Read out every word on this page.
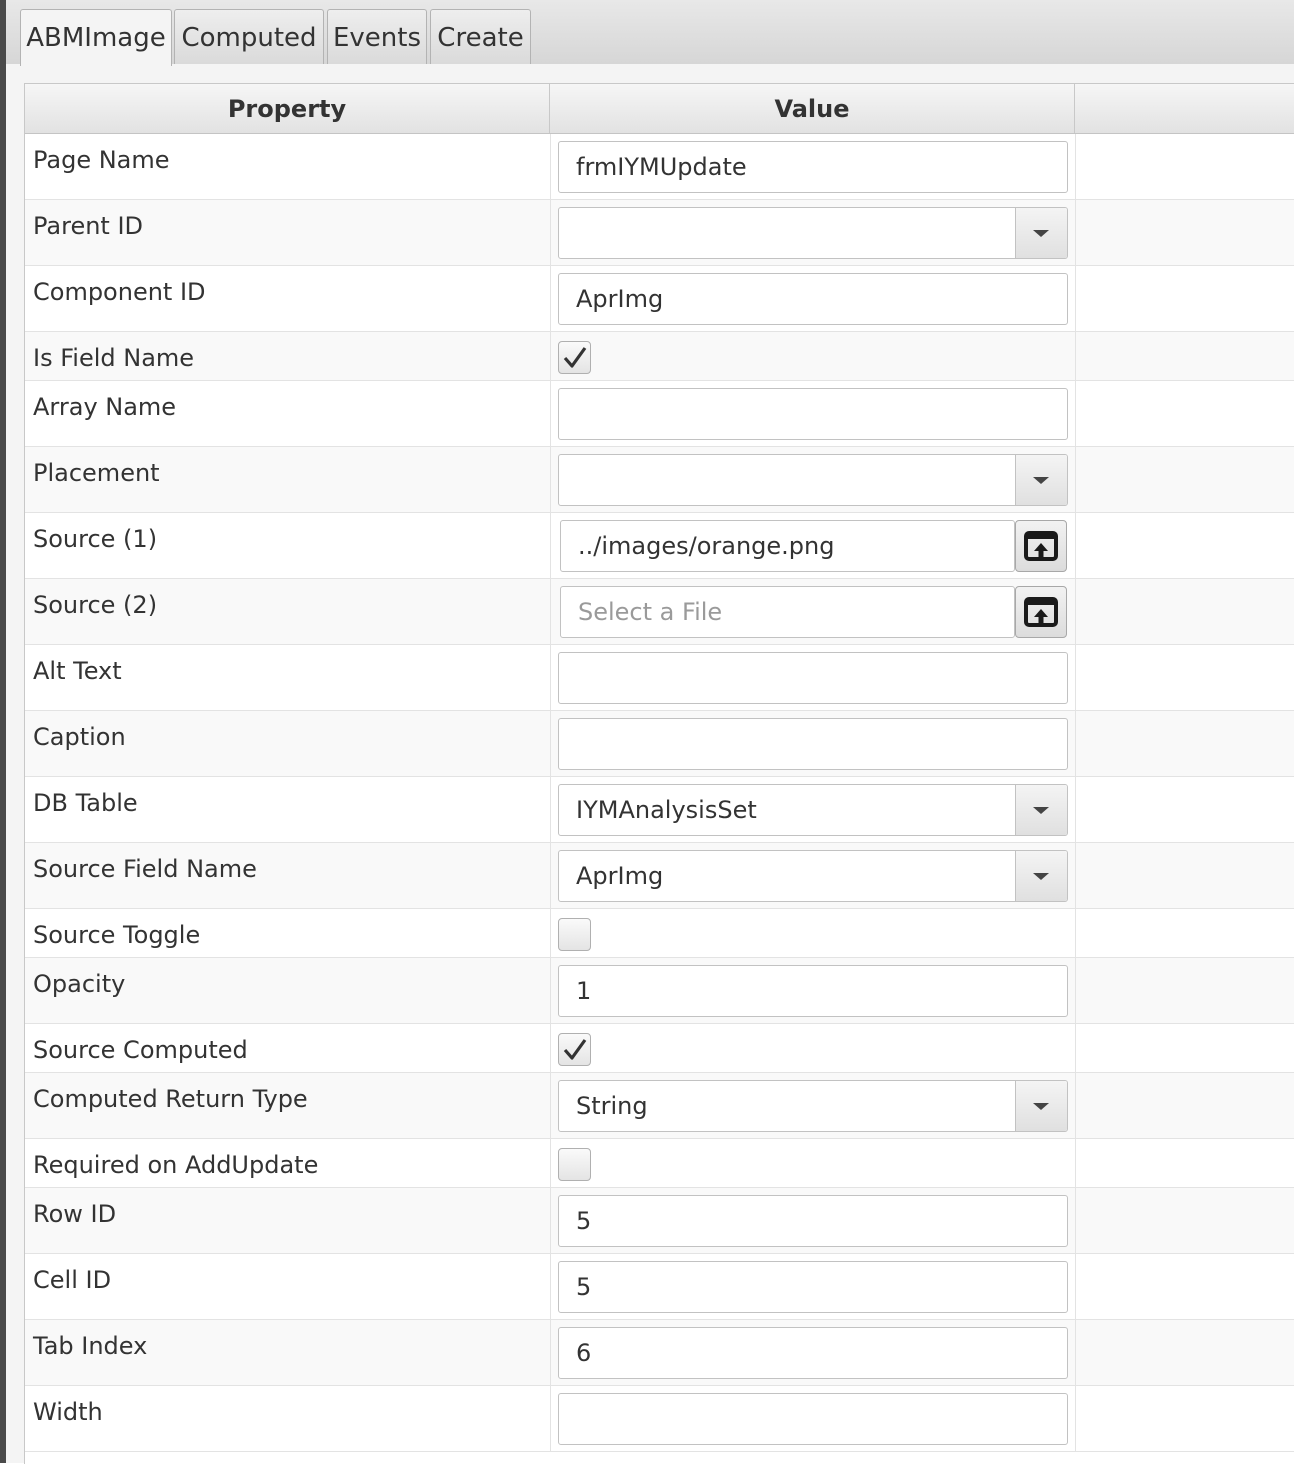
ABMImage Computed Events Create
Property	Value
Page Name	frmIYMUpdate
Parent ID
Component ID	AprImg
Is Field Name
Array Name
Placement
Source (1)	../images/orange.png
Source (2)	Select a File
Alt Text
Caption
DB Table	IYMAnalysisSet
Source Field Name	AprImg
Source Toggle
Opacity	1
Source Computed
Computed Return Type	String
Required on AddUpdate
Row ID	5
Cell ID	5
Tab Index	6
Width
